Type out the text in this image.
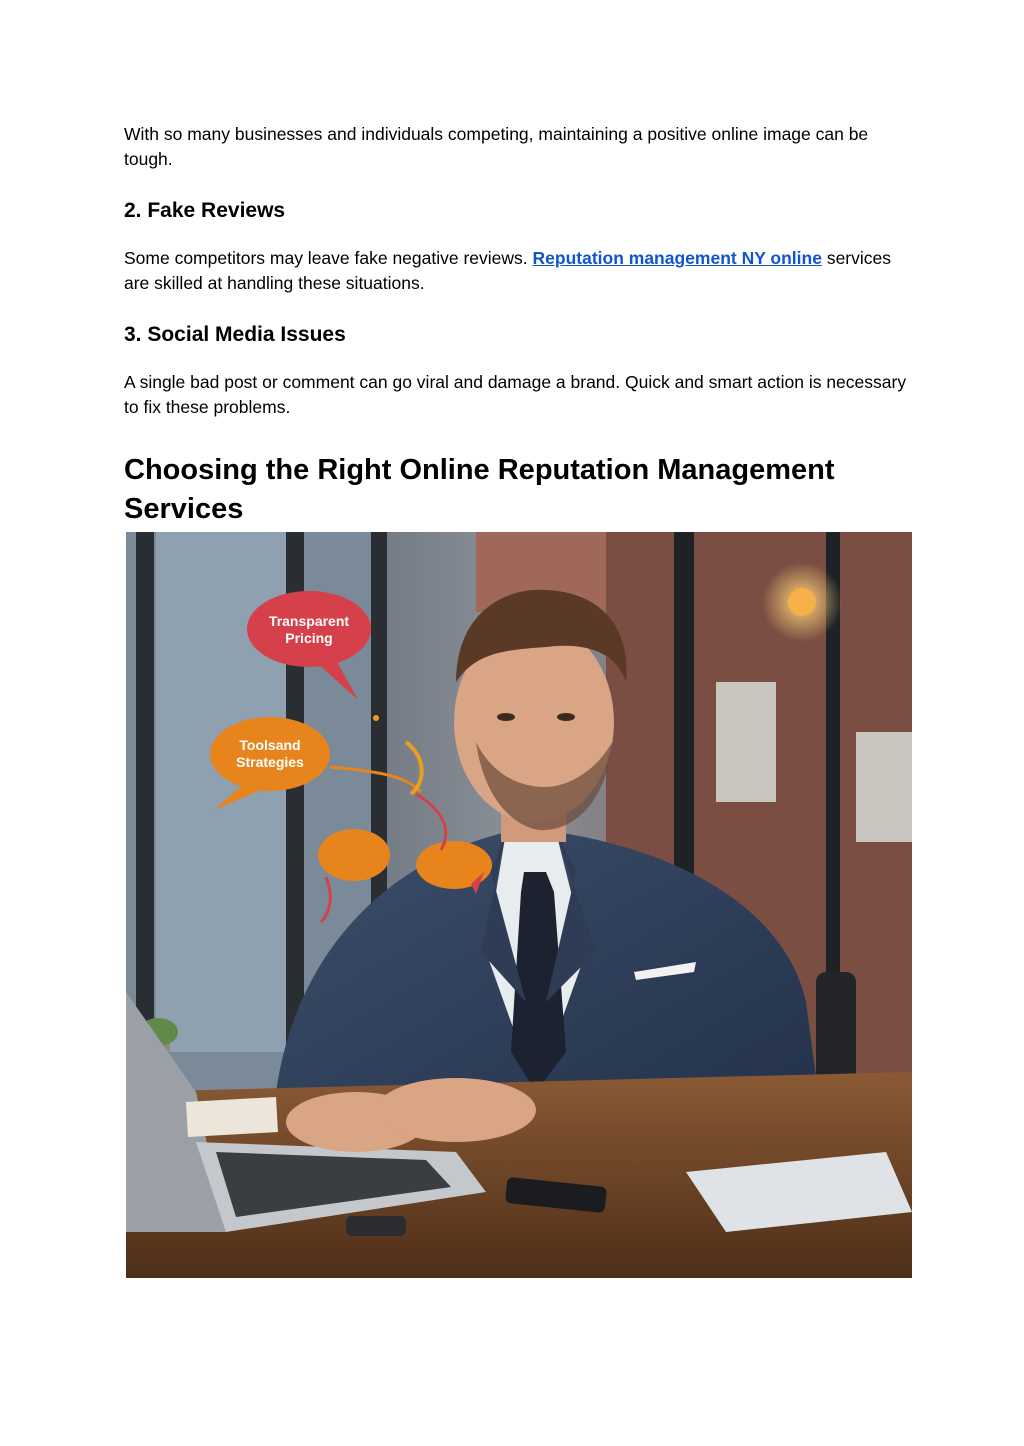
With so many businesses and individuals competing, maintaining a positive online image can be tough.

2. Fake Reviews

Some competitors may leave fake negative reviews. Reputation management NY online services are skilled at handling these situations.

3. Social Media Issues

A single bad post or comment can go viral and damage a brand. Quick and smart action is necessary to fix these problems.

Choosing the Right Online Reputation Management Services
Transparent
Pricing
Toolsand
Strategies
